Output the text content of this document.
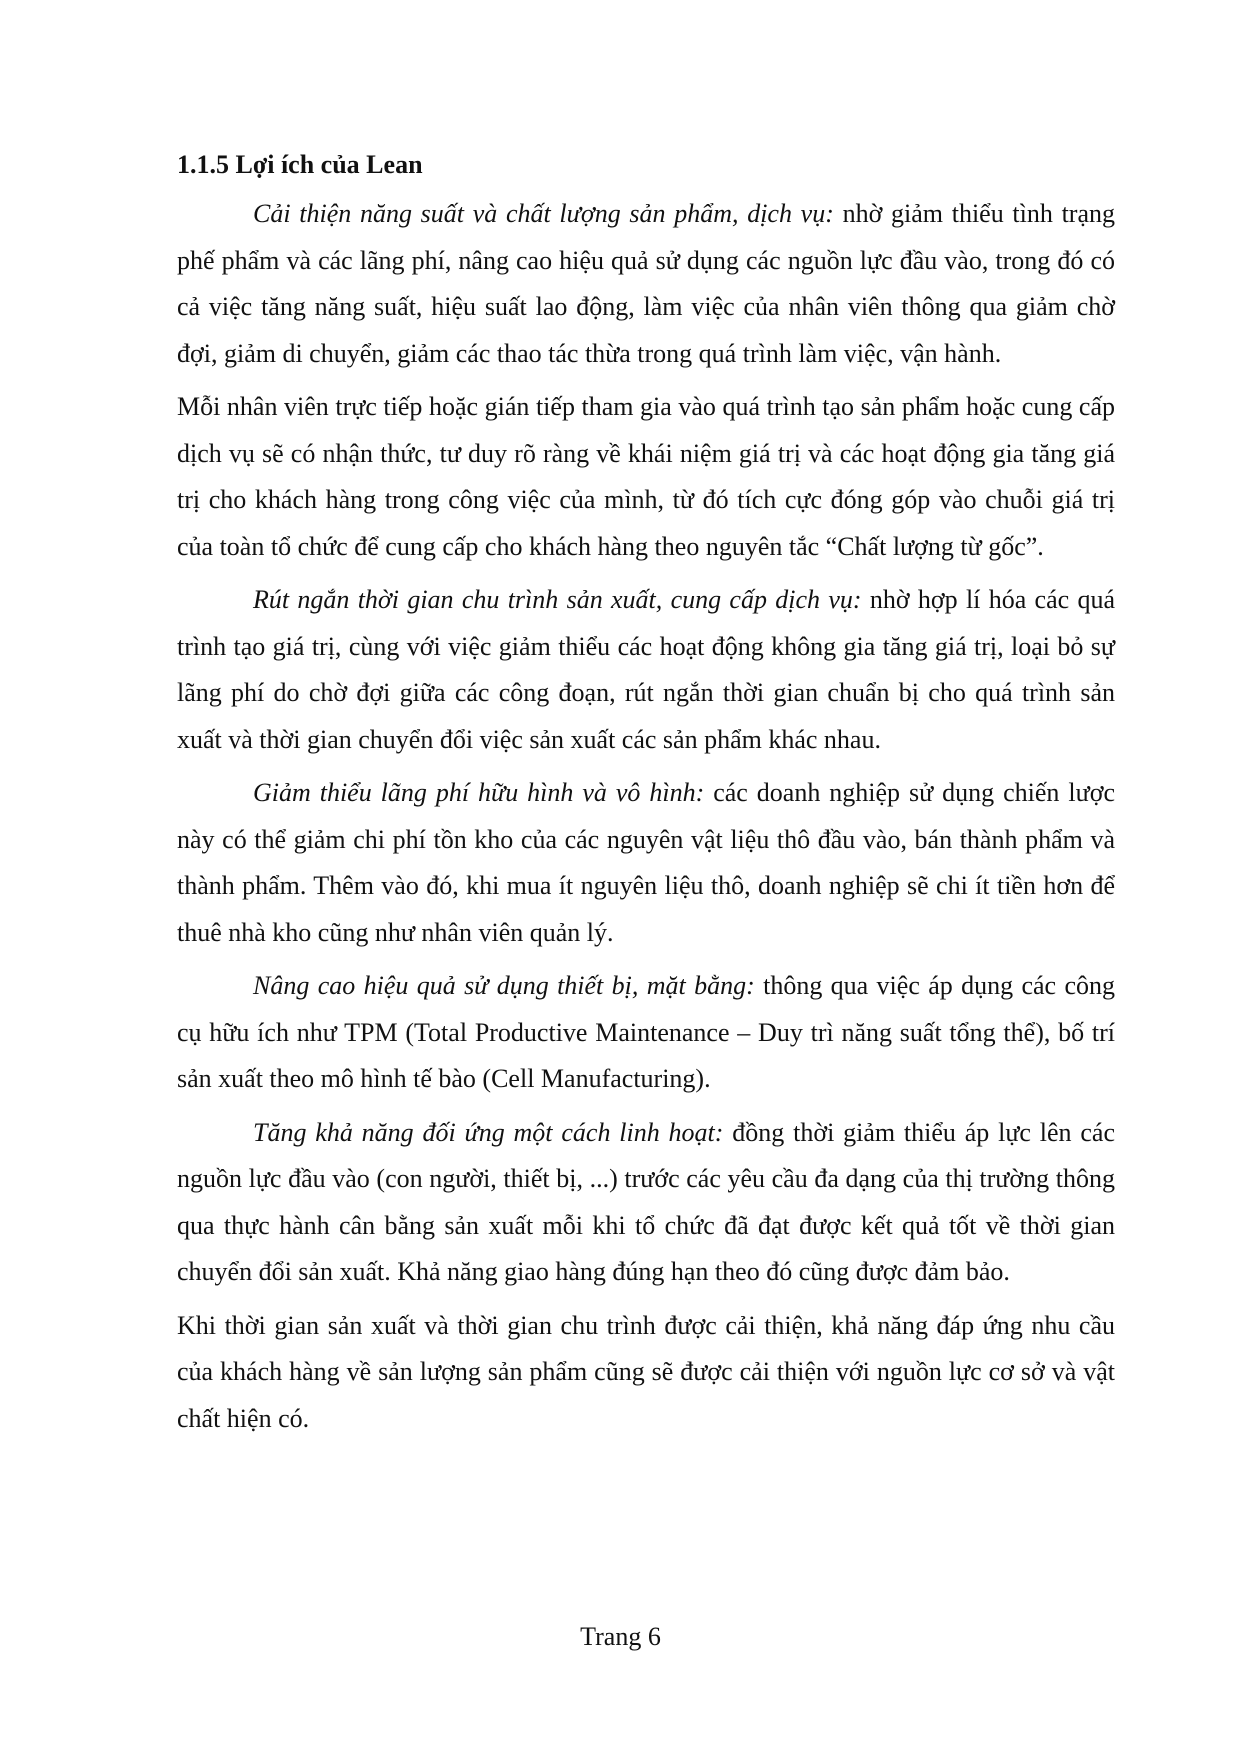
1.1.5 Lợi ích của Lean

Cải thiện năng suất và chất lượng sản phẩm, dịch vụ: nhờ giảm thiểu tình trạng phế phẩm và các lãng phí, nâng cao hiệu quả sử dụng các nguồn lực đầu vào, trong đó có cả việc tăng năng suất, hiệu suất lao động, làm việc của nhân viên thông qua giảm chờ đợi, giảm di chuyển, giảm các thao tác thừa trong quá trình làm việc, vận hành.

Mỗi nhân viên trực tiếp hoặc gián tiếp tham gia vào quá trình tạo sản phẩm hoặc cung cấp dịch vụ sẽ có nhận thức, tư duy rõ ràng về khái niệm giá trị và các hoạt động gia tăng giá trị cho khách hàng trong công việc của mình, từ đó tích cực đóng góp vào chuỗi giá trị của toàn tổ chức để cung cấp cho khách hàng theo nguyên tắc “Chất lượng từ gốc”.

Rút ngắn thời gian chu trình sản xuất, cung cấp dịch vụ: nhờ hợp lí hóa các quá trình tạo giá trị, cùng với việc giảm thiểu các hoạt động không gia tăng giá trị, loại bỏ sự lãng phí do chờ đợi giữa các công đoạn, rút ngắn thời gian chuẩn bị cho quá trình sản xuất và thời gian chuyển đổi việc sản xuất các sản phẩm khác nhau.

Giảm thiểu lãng phí hữu hình và vô hình: các doanh nghiệp sử dụng chiến lược này có thể giảm chi phí tồn kho của các nguyên vật liệu thô đầu vào, bán thành phẩm và thành phẩm. Thêm vào đó, khi mua ít nguyên liệu thô, doanh nghiệp sẽ chi ít tiền hơn để thuê nhà kho cũng như nhân viên quản lý.

Nâng cao hiệu quả sử dụng thiết bị, mặt bằng: thông qua việc áp dụng các công cụ hữu ích như TPM (Total Productive Maintenance – Duy trì năng suất tổng thể), bố trí sản xuất theo mô hình tế bào (Cell Manufacturing).

Tăng khả năng đối ứng một cách linh hoạt: đồng thời giảm thiểu áp lực lên các nguồn lực đầu vào (con người, thiết bị, ...) trước các yêu cầu đa dạng của thị trường thông qua thực hành cân bằng sản xuất mỗi khi tổ chức đã đạt được kết quả tốt về thời gian chuyển đổi sản xuất. Khả năng giao hàng đúng hạn theo đó cũng được đảm bảo.

Khi thời gian sản xuất và thời gian chu trình được cải thiện, khả năng đáp ứng nhu cầu của khách hàng về sản lượng sản phẩm cũng sẽ được cải thiện với nguồn lực cơ sở và vật chất hiện có.

Trang 6
